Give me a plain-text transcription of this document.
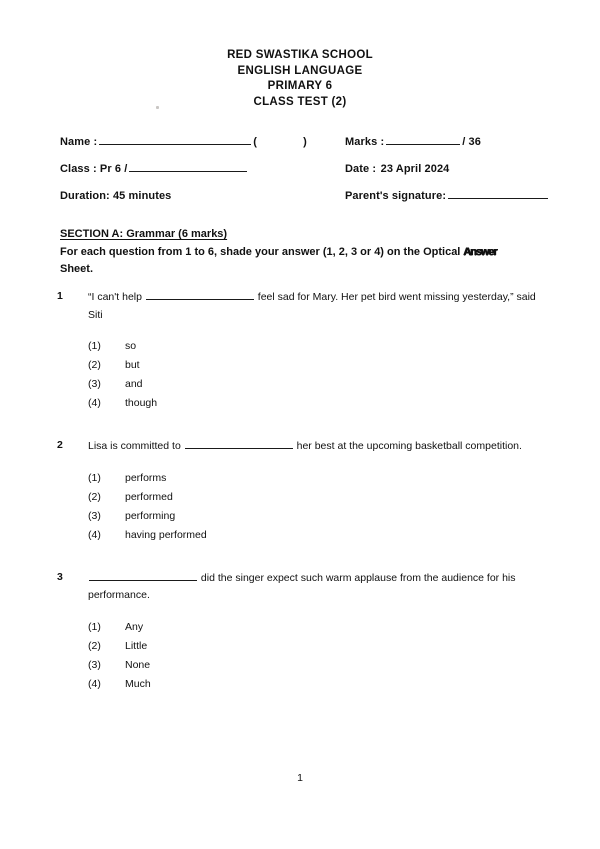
RED SWASTIKA SCHOOL
ENGLISH LANGUAGE
PRIMARY 6
CLASS TEST (2)
Name :	( ) Marks :	/ 36
Class : Pr 6 /	Date : 23 April 2024
Duration: 45 minutes	Parent's signature:
SECTION A: Grammar (6 marks)
For each question from 1 to 6, shade your answer (1, 2, 3 or 4) on the Optical Answer
Sheet.
1	“I can't help	feel sad for Mary. Her pet bird went missing yesterday,” said Siti
(1)	so
(2)	but
(3)	and
(4)	though
2	Lisa is committed to	her best at the upcoming basketball competition.
(1)	performs
(2)	performed
(3)	performing
(4)	having performed
3	did the singer expect such warm applause from the audience for his performance.
(1)	Any
(2)	Little
(3)	None
(4)	Much
1
